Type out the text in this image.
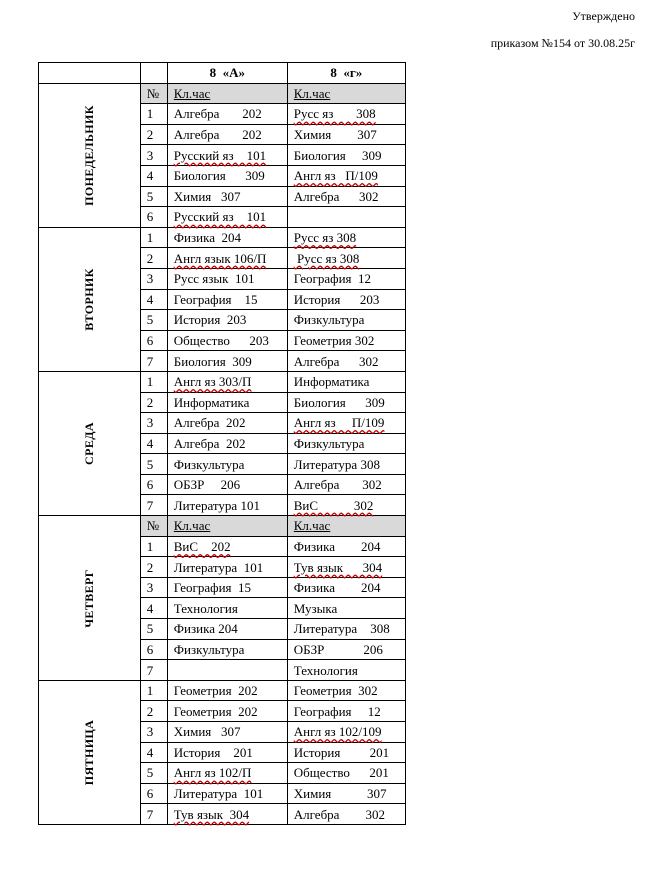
Утверждено
приказом №154 от 30.08.25г
		8  «А»	8  «г»
ПОНЕДЕЛЬНИК	№	Кл.час	Кл.час
	1	Алгебра       202	Русс яз       308
	2	Алгебра       202	Химия        307
	3	Русский яз    101	Биология     309
	4	Биология      309	Англ яз   П/109
	5	Химия   307	Алгебра      302
	6	Русский яз    101	
ВТОРНИК	1	Физика  204	Русс яз 308
	2	Англ язык 106/П	Русс яз 308
	3	Русс язык  101	География  12
	4	География    15	История      203
	5	История  203	Физкультура
	6	Общество      203	Геометрия 302
	7	Биология  309	Алгебра      302
СРЕДА	1	Англ яз 303/П	Информатика
	2	Информатика	Биология      309
	3	Алгебра  202	Англ яз     П/109
	4	Алгебра  202	Физкультура
	5	Физкультура	Литература 308
	6	ОБЗР     206	Алгебра       302
	7	Литература 101	ВиС           302
ЧЕТВЕРГ	№	Кл.час	Кл.час
	1	ВиС    202	Физика        204
	2	Литература  101	Тув язык      304
	3	География  15	Физика        204
	4	Технология	Музыка
	5	Физика 204	Литература    308
	6	Физкультура	ОБЗР            206
	7		Технология
ПЯТНИЦА	1	Геометрия  202	Геометрия  302
	2	Геометрия  202	География     12
	3	Химия   307	Англ яз 102/109
	4	История    201	История         201
	5	Англ яз 102/П	Общество      201
	6	Литература  101	Химия           307
	7	Тув язык  304	Алгебра        302
